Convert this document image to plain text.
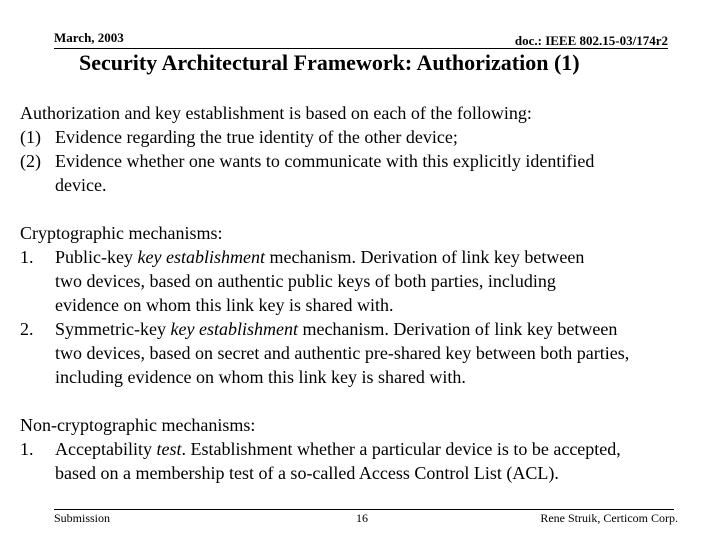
March, 2003	doc.: IEEE 802.15-03/174r2
Security Architectural Framework: Authorization (1)
Authorization and key establishment is based on each of the following:
(1) Evidence regarding the true identity of the other device;
(2) Evidence whether one wants to communicate with this explicitly identified
device.
Cryptographic mechanisms:
1. Public-key key establishment mechanism. Derivation of link key between
two devices, based on authentic public keys of both parties, including
evidence on whom this link key is shared with.
2. Symmetric-key key establishment mechanism. Derivation of link key between
two devices, based on secret and authentic pre-shared key between both parties,
including evidence on whom this link key is shared with.
Non-cryptographic mechanisms:
1. Acceptability test. Establishment whether a particular device is to be accepted,
based on a membership test of a so-called Access Control List (ACL).
Submission	16	Rene Struik, Certicom Corp.
